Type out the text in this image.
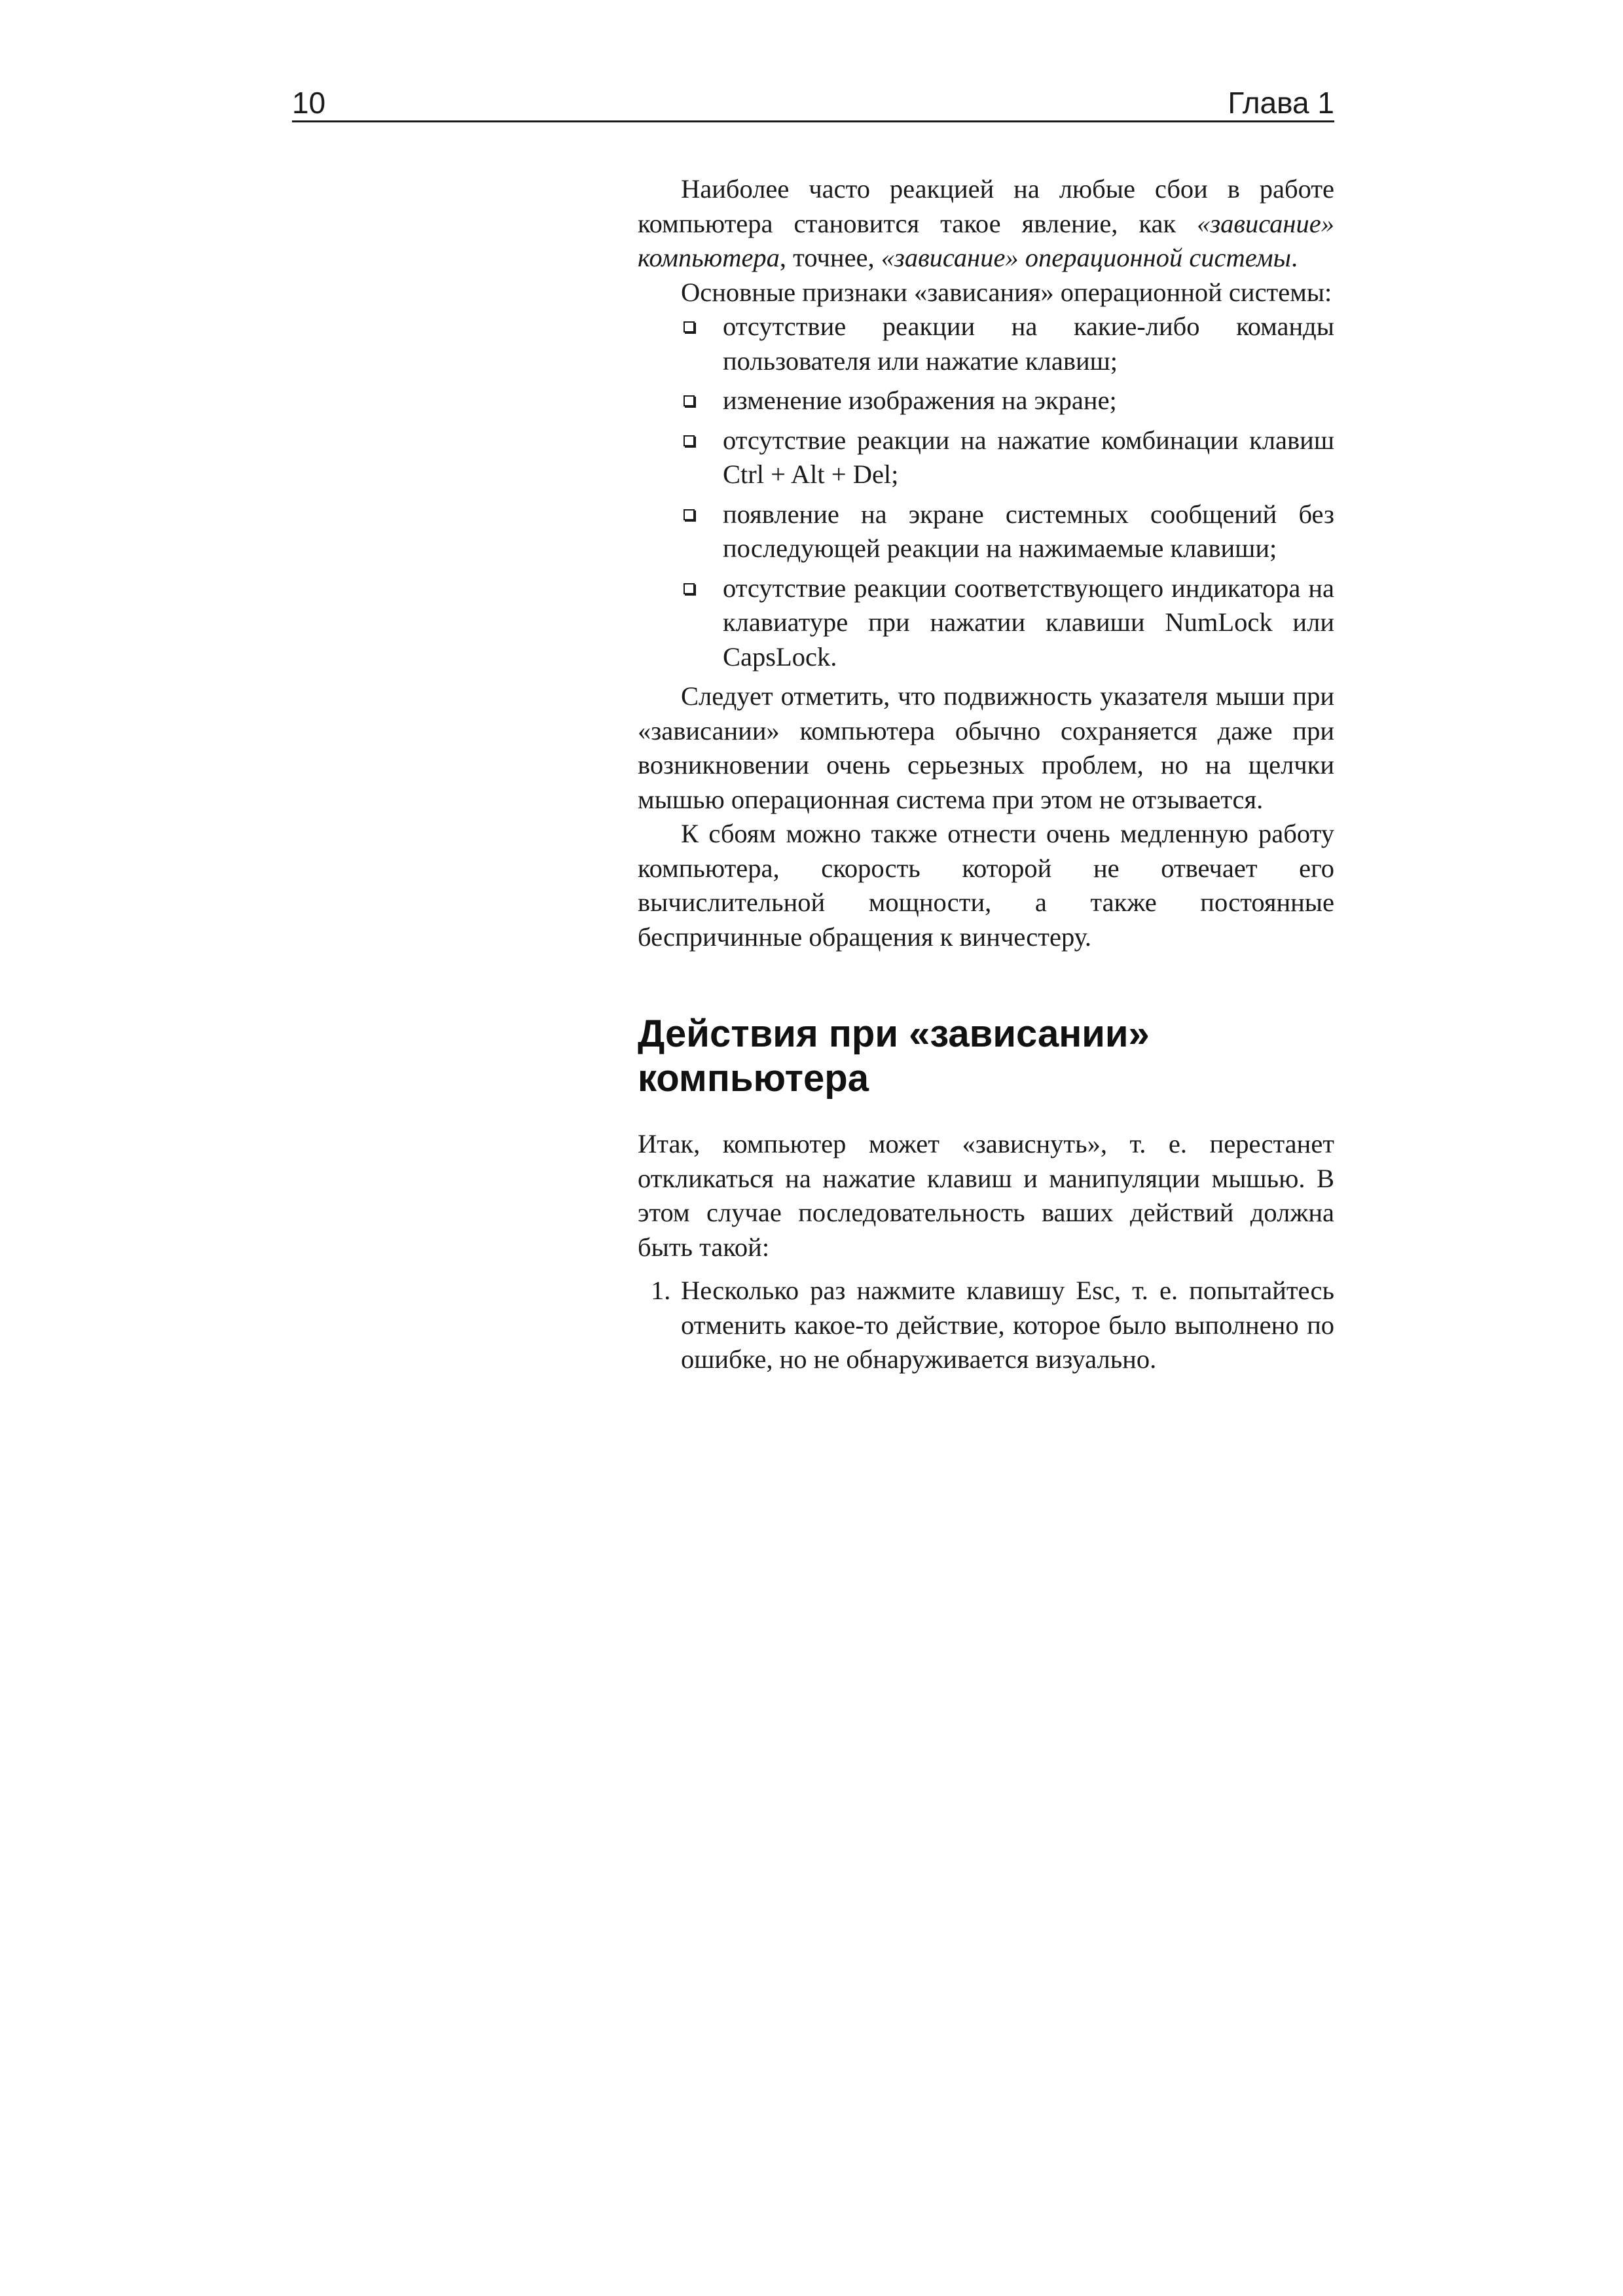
10	Глава 1

Наиболее часто реакцией на любые сбои в работе компьютера становится такое явление, как «зависание» компьютера, точнее, «зависание» операционной системы.

Основные признаки «зависания» операционной системы:

отсутствие реакции на какие-либо команды пользователя или нажатие клавиш;
изменение изображения на экране;
отсутствие реакции на нажатие комбинации клавиш Ctrl + Alt + Del;
появление на экране системных сообщений без последующей реакции на нажимаемые клавиши;
отсутствие реакции соответствующего индикатора на клавиатуре при нажатии клавиши NumLock или CapsLock.

Следует отметить, что подвижность указателя мыши при «зависании» компьютера обычно сохраняется даже при возникновении очень серьезных проблем, но на щелчки мышью операционная система при этом не отзывается.

К сбоям можно также отнести очень медленную работу компьютера, скорость которой не отвечает его вычислительной мощности, а также постоянные беспричинные обращения к винчестеру.

Действия при «зависании» компьютера

Итак, компьютер может «зависнуть», т. е. перестанет откликаться на нажатие клавиш и манипуляции мышью. В этом случае последовательность ваших действий должна быть такой:

1. Несколько раз нажмите клавишу Esc, т. е. попытайтесь отменить какое-то действие, которое было выполнено по ошибке, но не обнаруживается визуально.
